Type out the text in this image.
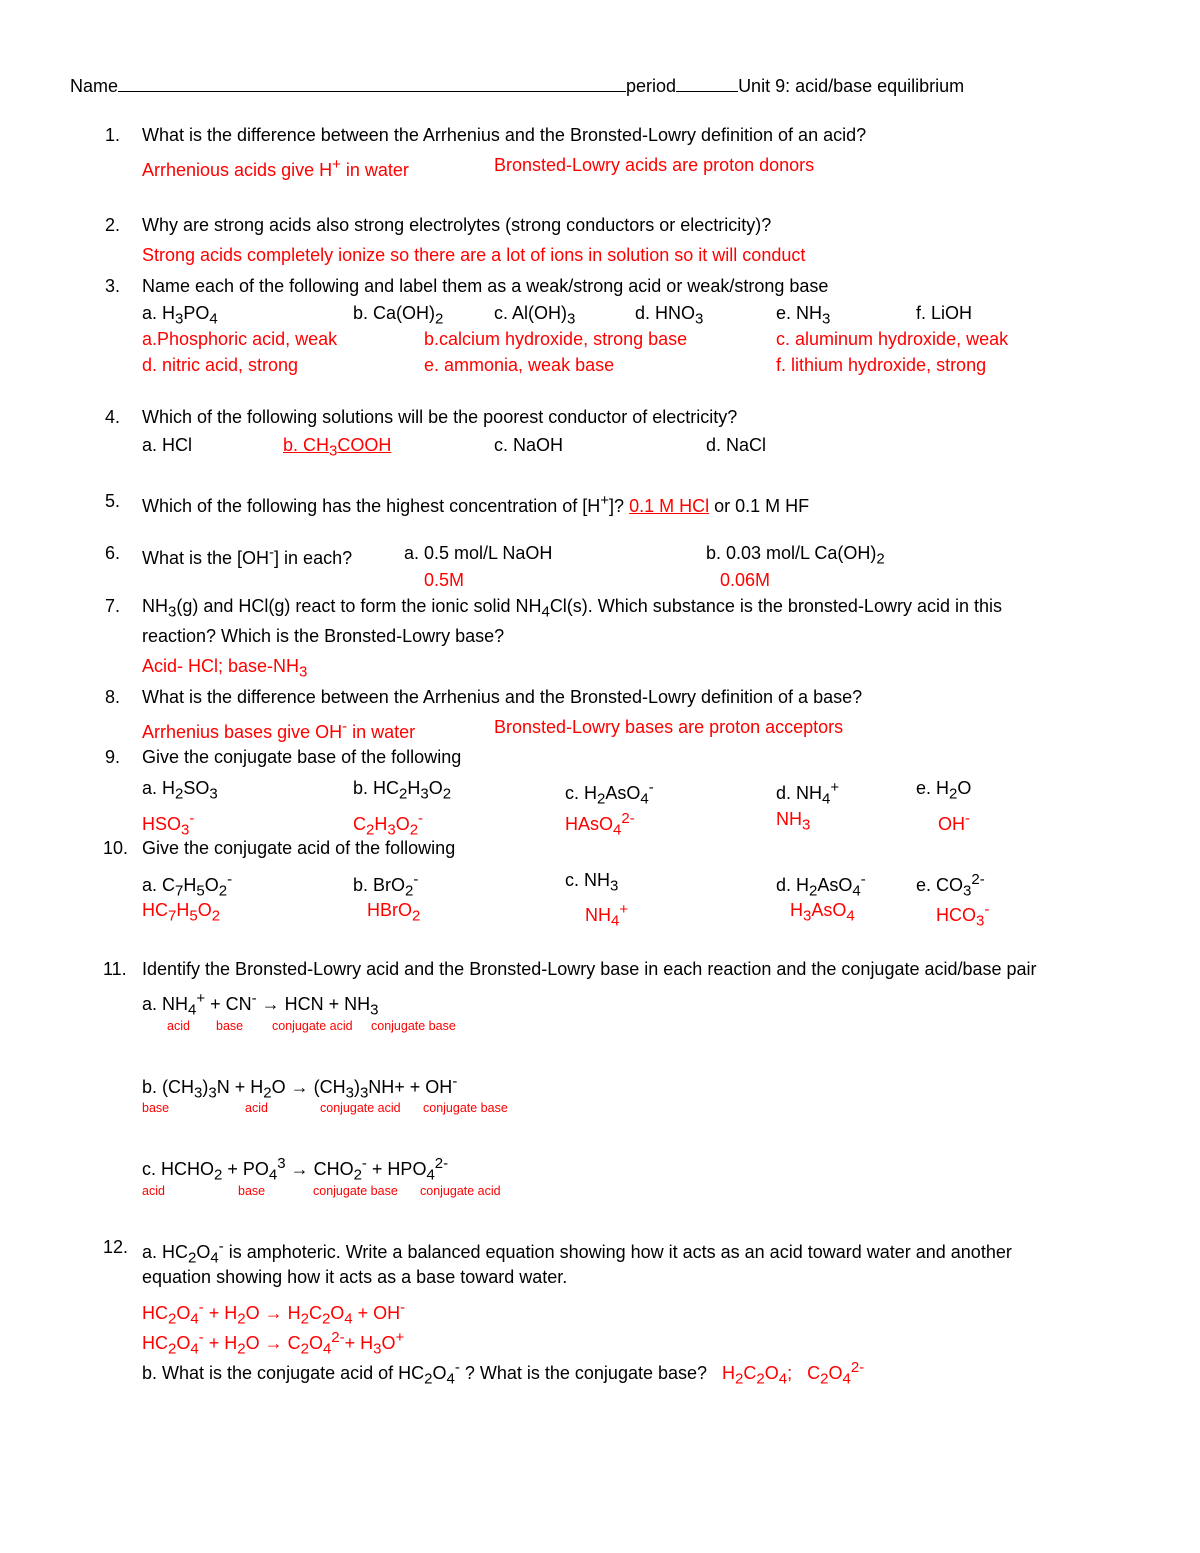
Name	period	Unit 9: acid/base equilibrium
1.
2.
3.
4.
5.
6.
7.
8.
9.
10.
11.
12.
What is the difference between the Arrhenius and the Bronsted-Lowry definition of an acid?
Arrhenious acids give H+ in water	Bronsted-Lowry acids are proton donors
Why are strong acids also strong electrolytes (strong conductors or electricity)?
Strong acids completely ionize so there are a lot of ions in solution so it will conduct
Name each of the following and label them as a weak/strong acid or weak/strong base
a. $H_3PO_4$	b. $Ca(OH)_2$	c. $Al(OH)_3$	d. $HNO_3$	e. $NH_3$	f. LiOH
a.Phosphoric acid, weak	b.calcium hydroxide, strong base	c. aluminum hydroxide, weak
d. nitric acid, strong	e. ammonia, weak base	f. lithium hydroxide, strong
Which of the following solutions will be the poorest conductor of electricity?
a. HCl	b. $CH_3COOH$	c. NaOH	d. NaCl
Which of the following has the highest concentration of [H+]? 0.1 M HCl or 0.1 M HF
What is the [OH-] in each?	a. 0.5 mol/L NaOH	b. 0.03 mol/L $Ca(OH)_2$
0.5M	0.06M
$NH_3(g)$ and HCl(g) react to form the ionic solid $NH_4Cl(s)$. Which substance is the bronsted-Lowry acid in this
reaction? Which is the Bronsted-Lowry base?
Acid- HCl; base-$NH_3$
What is the difference between the Arrhenius and the Bronsted-Lowry definition of a base?
Arrhenius bases give OH- in water	Bronsted-Lowry bases are proton acceptors
Give the conjugate base of the following
a. $H_2SO_3$	b. $HC_2H_3O_2$	c. $H_2AsO_4^-$	d. $NH_4^+$	e. $H_2O$
$HSO_3^-$	$C_2H_3O_2^-$	HAsO$_4^{2-}$	$NH_3$	OH-
Give the conjugate acid of the following
a. $C_7H_5O_2^-$	b. BrO$_2$-	c. $NH_3$	d. $H_2AsO_4^-$	e. $CO_3^{2-}$
$HC_7H_5O_2$	HBrO$_2$	$NH_4^+$	$H_3AsO_4$	$HCO_3^-$
Identify the Bronsted-Lowry acid and the Bronsted-Lowry base in each reaction and the conjugate acid/base pair
a. $NH_4^+ + CN^-$ → HCN + $NH_3$
acid base conjugate acid conjugate base
b. $(CH_3)_3N + H_2O \to (CH_3)_3NH+ + OH^-$
base	acid	conjugate acid conjugate base
c. $HCHO_2 + PO_4^3 \to CHO_2^- + HPO_4^{2-}$
acid	base	conjugate base conjugate acid
a. $HC_2O_4^-$ is amphoteric. Write a balanced equation showing how it acts as an acid toward water and another
equation showing how it acts as a base toward water.
$HC_2O_4^- + H_2O \to H_2C_2O_4 + OH^-$
$HC_2O_4^- + H_2O \to C_2O_4^{2-}+ H_3O^+$
b. What is the conjugate acid of $HC_2O_4^-$ ? What is the conjugate base? $H_2C_2O_4$; $C_2O_4^{2-}$
